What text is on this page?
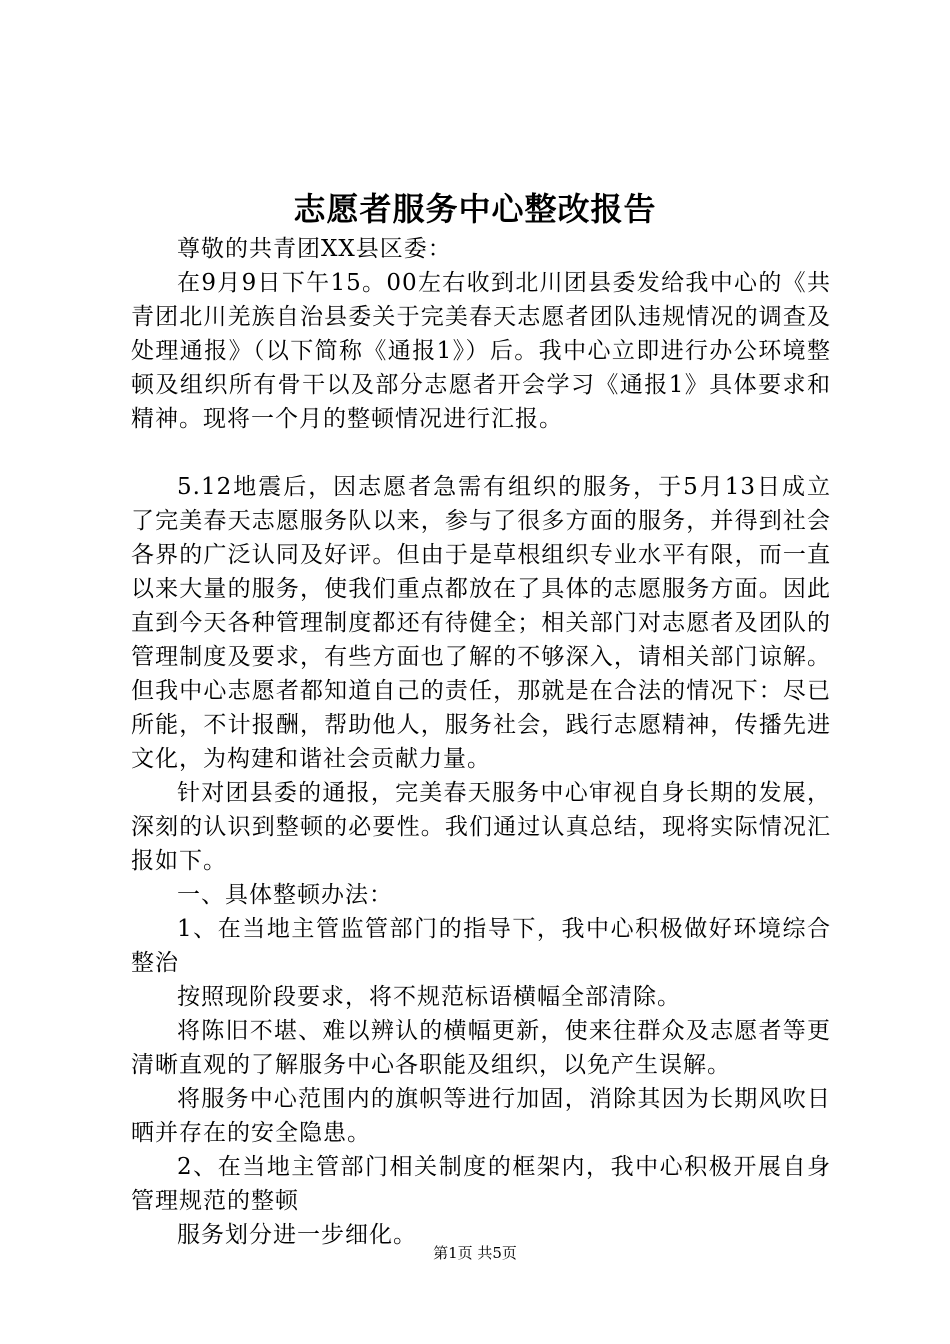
志愿者服务中心整改报告

尊敬的共青团XX县区委：

在9月9日下午15。00左右收到北川团县委发给我中心的《共青团北川羌族自治县委关于完美春天志愿者团队违规情况的调查及处理通报》（以下简称《通报1》）后。我中心立即进行办公环境整顿及组织所有骨干以及部分志愿者开会学习《通报1》具体要求和精神。现将一个月的整顿情况进行汇报。

5.12地震后，因志愿者急需有组织的服务，于5月13日成立了完美春天志愿服务队以来，参与了很多方面的服务，并得到社会各界的广泛认同及好评。但由于是草根组织专业水平有限，而一直以来大量的服务，使我们重点都放在了具体的志愿服务方面。因此直到今天各种管理制度都还有待健全；相关部门对志愿者及团队的管理制度及要求，有些方面也了解的不够深入，请相关部门谅解。但我中心志愿者都知道自己的责任，那就是在合法的情况下：尽已所能，不计报酬，帮助他人，服务社会，践行志愿精神，传播先进文化，为构建和谐社会贡献力量。

针对团县委的通报，完美春天服务中心审视自身长期的发展，深刻的认识到整顿的必要性。我们通过认真总结，现将实际情况汇报如下。

一、具体整顿办法：

1、在当地主管监管部门的指导下，我中心积极做好环境综合整治

按照现阶段要求，将不规范标语横幅全部清除。

将陈旧不堪、难以辨认的横幅更新，使来往群众及志愿者等更清晰直观的了解服务中心各职能及组织，以免产生误解。

将服务中心范围内的旗帜等进行加固，消除其因为长期风吹日晒并存在的安全隐患。

2、在当地主管部门相关制度的框架内，我中心积极开展自身管理规范的整顿

服务划分进一步细化。

第1页 共5页
